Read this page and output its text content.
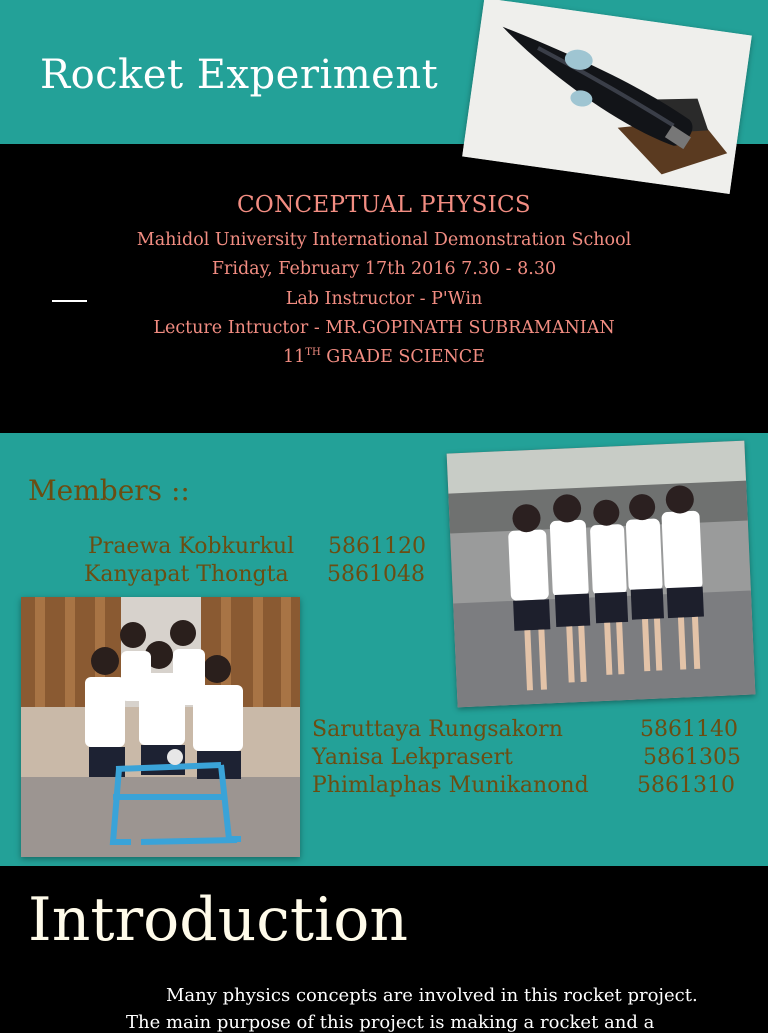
Rocket Experiment
CONCEPTUAL PHYSICS
Mahidol University International Demonstration School
Friday, February 17th 2016 7.30 - 8.30
Lab Instructor - P'Win
Lecture Intructor - MR.GOPINATH SUBRAMANIAN
11TH GRADE SCIENCE
Members ::
Praewa Kobkurkul 5861120
Kanyapat Thongta 5861048
Saruttaya Rungsakorn	5861140
Yanisa Lekprasert	5861305
Phimlaphas Munikanond 5861310
Introduction
Many physics concepts are involved in this rocket project.
The main purpose of this project is making a rocket and a
